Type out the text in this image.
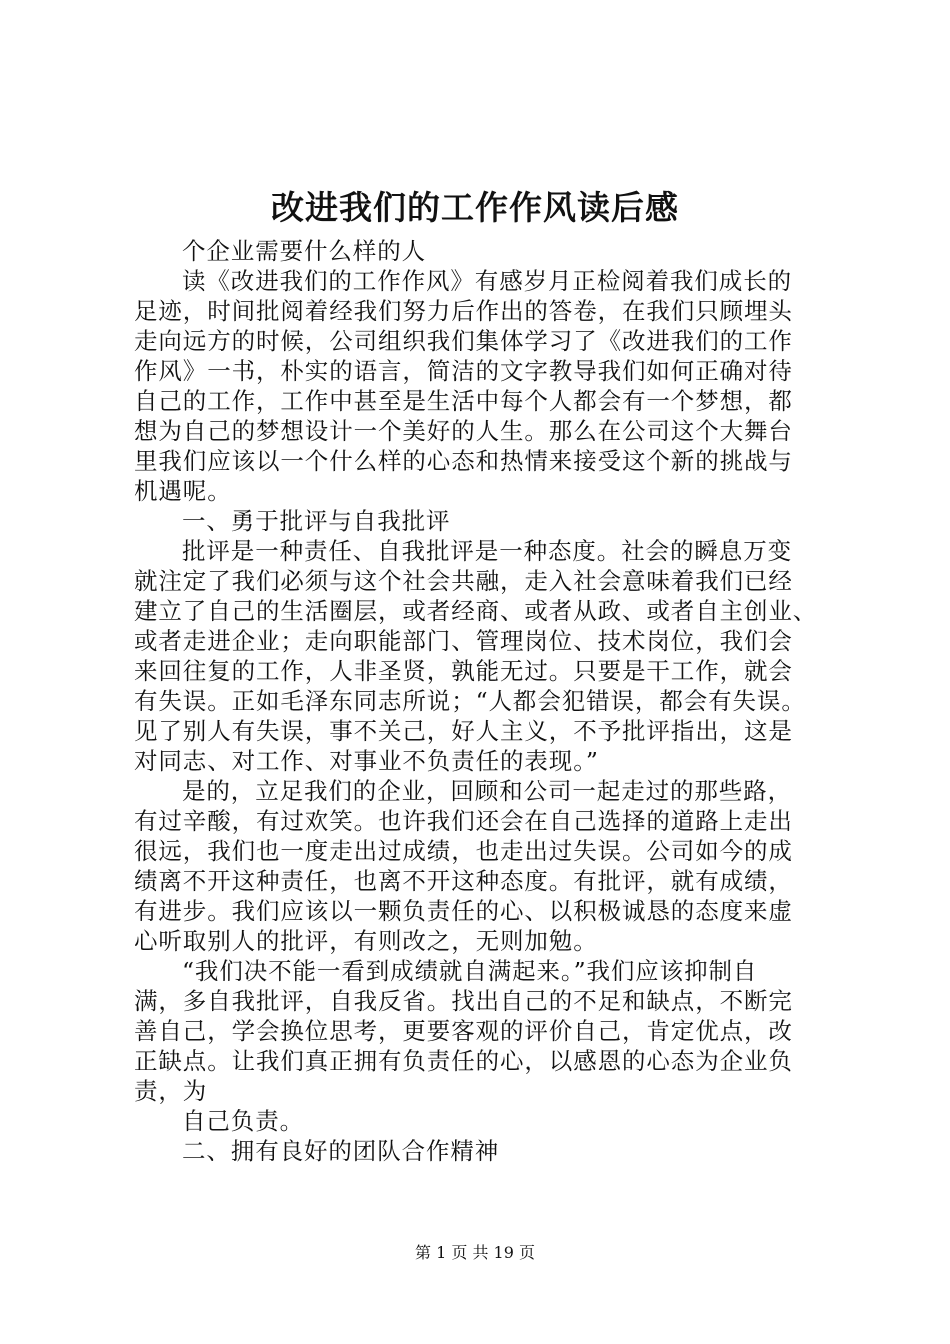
改进我们的工作作风读后感
个企业需要什么样的人
读《改进我们的工作作风》有感岁月正检阅着我们成长的
足迹，时间批阅着经我们努力后作出的答卷，在我们只顾埋头
走向远方的时候，公司组织我们集体学习了《改进我们的工作
作风》一书，朴实的语言，简洁的文字教导我们如何正确对待
自己的工作，工作中甚至是生活中每个人都会有一个梦想，都
想为自己的梦想设计一个美好的人生。那么在公司这个大舞台
里我们应该以一个什么样的心态和热情来接受这个新的挑战与
机遇呢。
一、勇于批评与自我批评
批评是一种责任、自我批评是一种态度。社会的瞬息万变
就注定了我们必须与这个社会共融，走入社会意味着我们已经
建立了自己的生活圈层，或者经商、或者从政、或者自主创业、
或者走进企业；走向职能部门、管理岗位、技术岗位，我们会
来回往复的工作，人非圣贤，孰能无过。只要是干工作，就会
有失误。正如毛泽东同志所说；“人都会犯错误，都会有失误。
见了别人有失误，事不关己，好人主义，不予批评指出，这是
对同志、对工作、对事业不负责任的表现。”
是的，立足我们的企业，回顾和公司一起走过的那些路，
有过辛酸，有过欢笑。也许我们还会在自己选择的道路上走出
很远，我们也一度走出过成绩，也走出过失误。公司如今的成
绩离不开这种责任，也离不开这种态度。有批评，就有成绩，
有进步。我们应该以一颗负责任的心、以积极诚恳的态度来虚
心听取别人的批评，有则改之，无则加勉。
“我们决不能一看到成绩就自满起来。”我们应该抑制自
满，多自我批评，自我反省。找出自己的不足和缺点，不断完
善自己，学会换位思考，更要客观的评价自己，肯定优点，改
正缺点。让我们真正拥有负责任的心，以感恩的心态为企业负
责，为
自己负责。
二、拥有良好的团队合作精神
第 1 页 共 19 页
